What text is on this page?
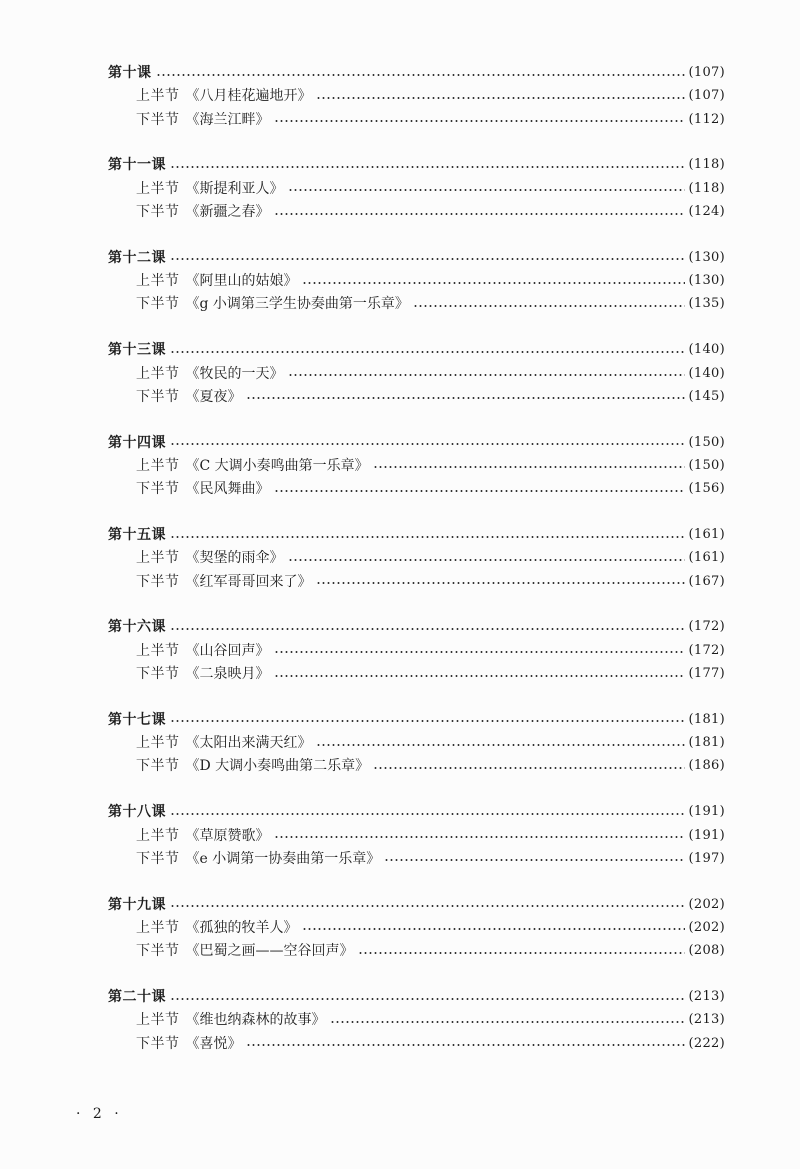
第十课	(107)
上半节 《八月桂花遍地开》	(107)
下半节 《海兰江畔》	(112)
第十一课	(118)
上半节 《斯提利亚人》	(118)
下半节 《新疆之春》	(124)
第十二课	(130)
上半节 《阿里山的姑娘》	(130)
下半节 《g 小调第三学生协奏曲第一乐章》	(135)
第十三课	(140)
上半节 《牧民的一天》	(140)
下半节 《夏夜》	(145)
第十四课	(150)
上半节 《C 大调小奏鸣曲第一乐章》	(150)
下半节 《民风舞曲》	(156)
第十五课	(161)
上半节 《契堡的雨伞》	(161)
下半节 《红军哥哥回来了》	(167)
第十六课	(172)
上半节 《山谷回声》	(172)
下半节 《二泉映月》	(177)
第十七课	(181)
上半节 《太阳出来满天红》	(181)
下半节 《D 大调小奏鸣曲第二乐章》	(186)
第十八课	(191)
上半节 《草原赞歌》	(191)
下半节 《e 小调第一协奏曲第一乐章》	(197)
第十九课	(202)
上半节 《孤独的牧羊人》	(202)
下半节 《巴蜀之画——空谷回声》	(208)
第二十课	(213)
上半节 《维也纳森林的故事》	(213)
下半节 《喜悦》	(222)
· 2 ·
